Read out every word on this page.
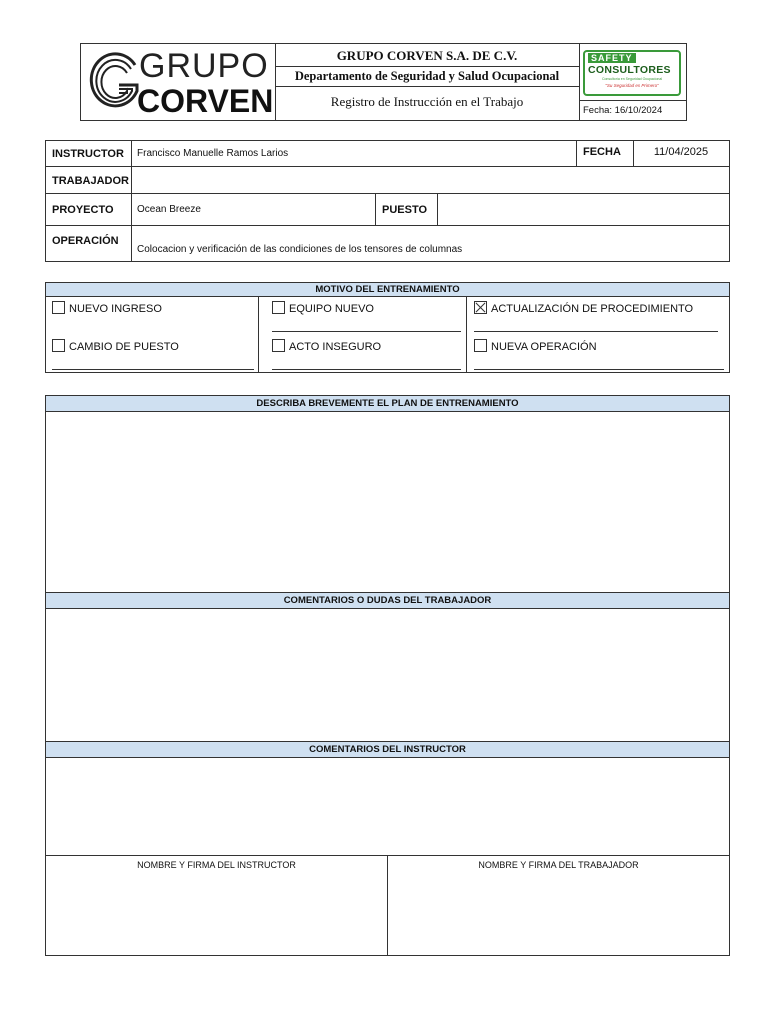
GRUPO
CORVEN
GRUPO CORVEN S.A. DE C.V.
Departamento de Seguridad y Salud Ocupacional
Registro de Instrucción en el Trabajo
SAFETY
CONSULTORES
Consultoría en Seguridad Ocupacional
"Su Seguridad es Primero"
Fecha: 16/10/2024
INSTRUCTOR	Francisco Manuelle Ramos Larios	FECHA	11/04/2025
TRABAJADOR
PROYECTO	Ocean Breeze	PUESTO
OPERACIÓN
Colocacion y verificación de las condiciones de los tensores de columnas
MOTIVO DEL ENTRENAMIENTO
NUEVO INGRESO	EQUIPO NUEVO	ACTUALIZACIÓN DE PROCEDIMIENTO
CAMBIO DE PUESTO	ACTO INSEGURO	NUEVA OPERACIÓN
DESCRIBA BREVEMENTE EL PLAN DE ENTRENAMIENTO
COMENTARIOS O DUDAS DEL TRABAJADOR
COMENTARIOS DEL INSTRUCTOR
NOMBRE Y FIRMA DEL INSTRUCTOR	NOMBRE Y FIRMA DEL TRABAJADOR
